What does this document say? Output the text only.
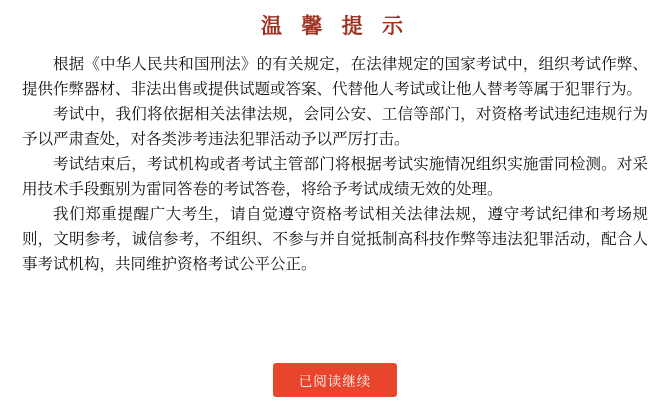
温 馨 提 示

根据《中华人民共和国刑法》的有关规定，在法律规定的国家考试中，组织考试作弊、提供作弊器材、非法出售或提供试题或答案、代替他人考试或让他人替考等属于犯罪行为。

考试中，我们将依据相关法律法规，会同公安、工信等部门，对资格考试违纪违规行为予以严肃查处，对各类涉考违法犯罪活动予以严厉打击。

考试结束后，考试机构或者考试主管部门将根据考试实施情况组织实施雷同检测。对采用技术手段甄别为雷同答卷的考试答卷，将给予考试成绩无效的处理。

我们郑重提醒广大考生，请自觉遵守资格考试相关法律法规，遵守考试纪律和考场规则，文明参考，诚信参考，不组织、不参与并自觉抵制高科技作弊等违法犯罪活动，配合人事考试机构，共同维护资格考试公平公正。

已阅读继续
